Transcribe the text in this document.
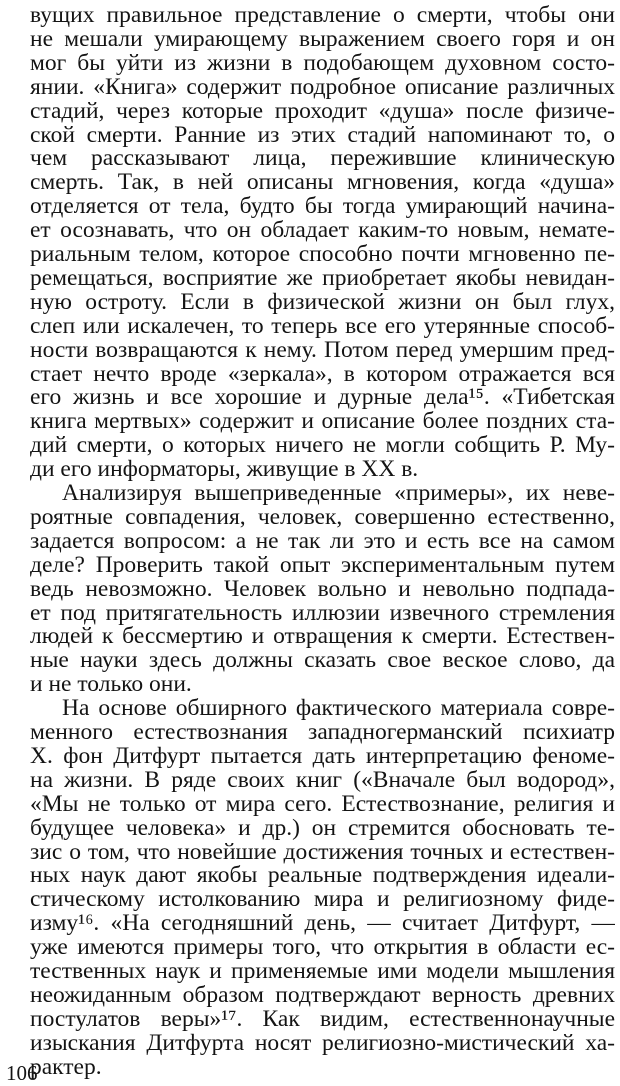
вущих правильное представление о смерти, чтобы они

не мешали умирающему выражением своего горя и он

мог бы уйти из жизни в подобающем духовном состо-

янии. «Книга» содержит подробное описание различных

стадий, через которые проходит «душа» после физиче-

ской смерти. Ранние из этих стадий напоминают то, о

чем рассказывают лица, пережившие клиническую

смерть. Так, в ней описаны мгновения, когда «душа»

отделяется от тела, будто бы тогда умирающий начина-

ет осознавать, что он обладает каким-то новым, немате-

риальным телом, которое способно почти мгновенно пе-

ремещаться, восприятие же приобретает якобы невидан-

ную остроту. Если в физической жизни он был глух,

слеп или искалечен, то теперь все его утерянные способ-

ности возвращаются к нему. Потом перед умершим пред-

стает нечто вроде «зеркала», в котором отражается вся

его жизнь и все хорошие и дурные дела¹⁵. «Тибетская

книга мертвых» содержит и описание более поздних ста-

дий смерти, о которых ничего не могли собщить Р. Му-

ди его информаторы, живущие в XX в.

Анализируя вышеприведенные «примеры», их неве-

роятные совпадения, человек, совершенно естественно,

задается вопросом: а не так ли это и есть все на самом

деле? Проверить такой опыт экспериментальным путем

ведь невозможно. Человек вольно и невольно подпада-

ет под притягательность иллюзии извечного стремления

людей к бессмертию и отвращения к смерти. Естествен-

ные науки здесь должны сказать свое веское слово, да

и не только они.

На основе обширного фактического материала совре-

менного естествознания западногерманский психиатр

Х. фон Дитфурт пытается дать интерпретацию феноме-

на жизни. В ряде своих книг («Вначале был водород»,

«Мы не только от мира сего. Естествознание, религия и

будущее человека» и др.) он стремится обосновать те-

зис о том, что новейшие достижения точных и естествен-

ных наук дают якобы реальные подтверждения идеали-

стическому истолкованию мира и религиозному фиде-

изму¹⁶. «На сегодняшний день, — считает Дитфурт, —

уже имеются примеры того, что открытия в области ес-

тественных наук и применяемые ими модели мышления

неожиданным образом подтверждают верность древних

постулатов веры»¹⁷. Как видим, естественнонаучные

изыскания Дитфурта носят религиозно-мистический ха-

рактер.

106
